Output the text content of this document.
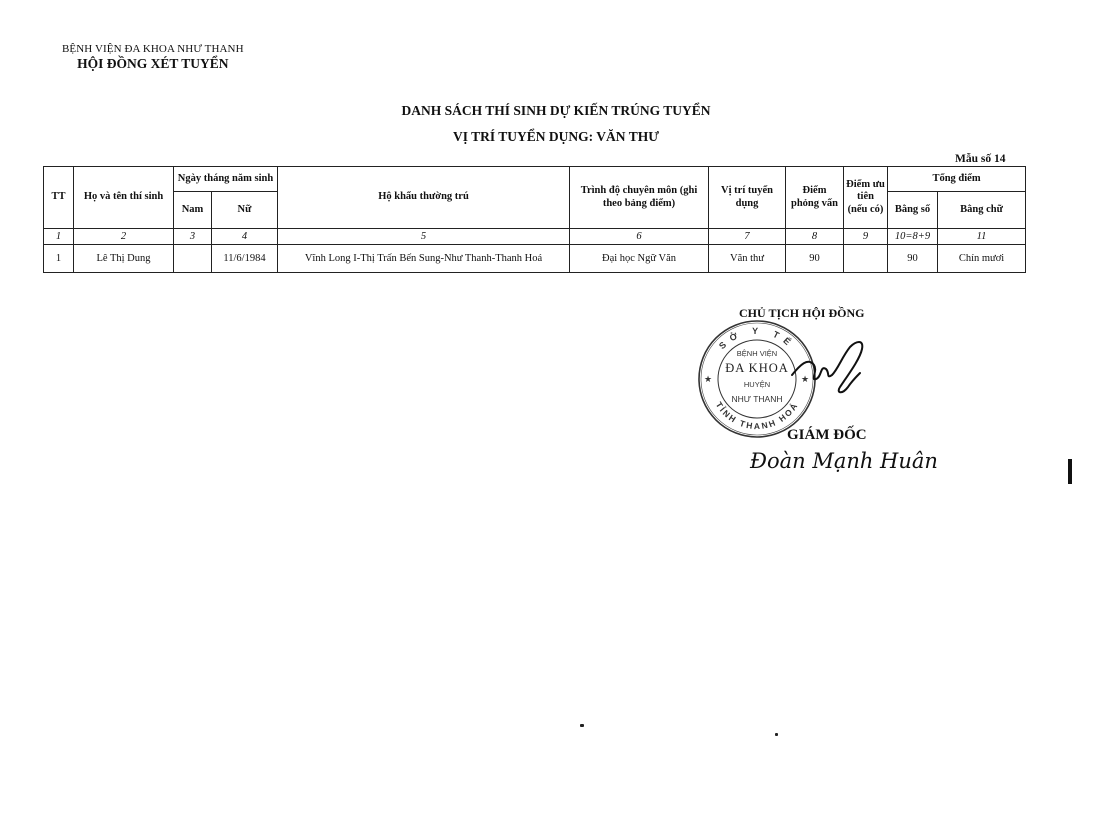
BỆNH VIỆN ĐA KHOA NHƯ THANH
HỘI ĐỒNG XÉT TUYỂN
DANH SÁCH THÍ SINH DỰ KIẾN TRÚNG TUYỂN
VỊ TRÍ TUYỂN DỤNG: VĂN THƯ
Mẫu số 14
TT	Họ và tên thí sinh	Ngày tháng năm sinh		Hộ khẩu thường trú	Trình độ chuyên môn (ghi theo bảng điểm)	Vị trí tuyển dụng	Điểm phỏng vấn	Điểm ưu tiên (nếu có)	Tổng điểm	
		Nam	Nữ						Bằng số	Bằng chữ
1	2	3	4	5	6	7	8	9	10=8+9	11
1	Lê Thị Dung		11/6/1984	Vĩnh Long I-Thị Trấn Bến Sung-Như Thanh-Thanh Hoá	Đại học Ngữ Văn	Văn thư	90		90	Chín mươi
CHỦ TỊCH HỘI ĐỒNG
SỞ Y TẾ
TỈNH THANH HOÁ
★	★
BỆNH VIỆN
ĐA KHOA
HUYỆN
NHƯ THANH
GIÁM ĐỐC
Đoàn Mạnh Huân
